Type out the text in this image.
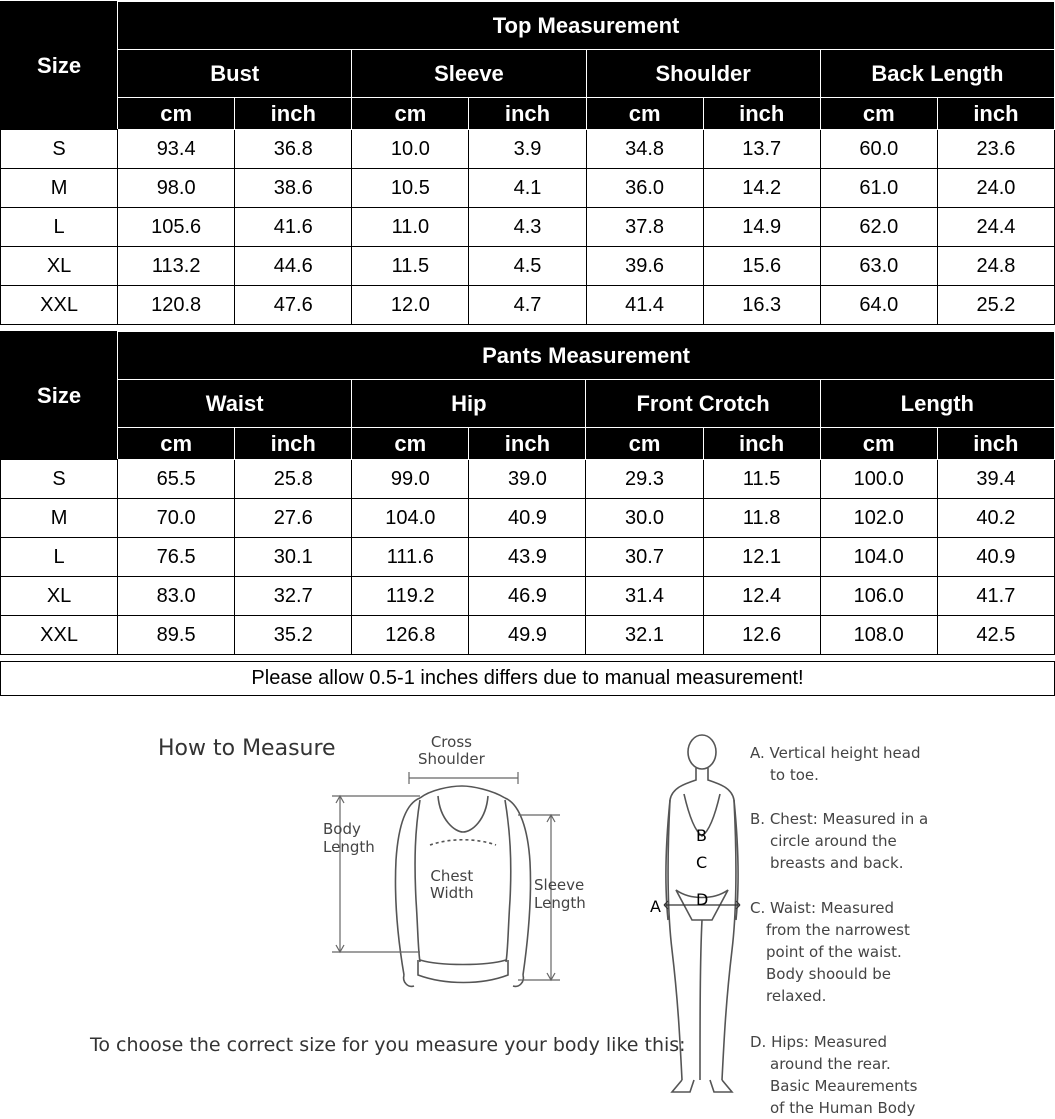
Size	Top Measurement							
	Bust		Sleeve		Shoulder		Back Length	
	cm	inch	cm	inch	cm	inch	cm	inch
S	93.4	36.8	10.0	3.9	34.8	13.7	60.0	23.6
M	98.0	38.6	10.5	4.1	36.0	14.2	61.0	24.0
L	105.6	41.6	11.0	4.3	37.8	14.9	62.0	24.4
XL	113.2	44.6	11.5	4.5	39.6	15.6	63.0	24.8
XXL	120.8	47.6	12.0	4.7	41.4	16.3	64.0	25.2
Size	Pants Measurement							
	Waist		Hip		Front Crotch		Length	
	cm	inch	cm	inch	cm	inch	cm	inch
S	65.5	25.8	99.0	39.0	29.3	11.5	100.0	39.4
M	70.0	27.6	104.0	40.9	30.0	11.8	102.0	40.2
L	76.5	30.1	111.6	43.9	30.7	12.1	104.0	40.9
XL	83.0	32.7	119.2	46.9	31.4	12.4	106.0	41.7
XXL	89.5	35.2	126.8	49.9	32.1	12.6	108.0	42.5
Please allow 0.5-1 inches differs due to manual measurement!
How to Measure	Cross
Shoulder
Body
Length
Chest
Width	Sleeve
Length
To choose the correct size for you measure your body like this:
A
B
C
D
A. Vertical height head
to toe.
B. Chest: Measured in a
circle around the
breasts and back.
C. Waist: Measured
from the narrowest
point of the waist.
Body shoould be
relaxed.
D. Hips: Measured
around the rear.
Basic Meaurements
of the Human Body
